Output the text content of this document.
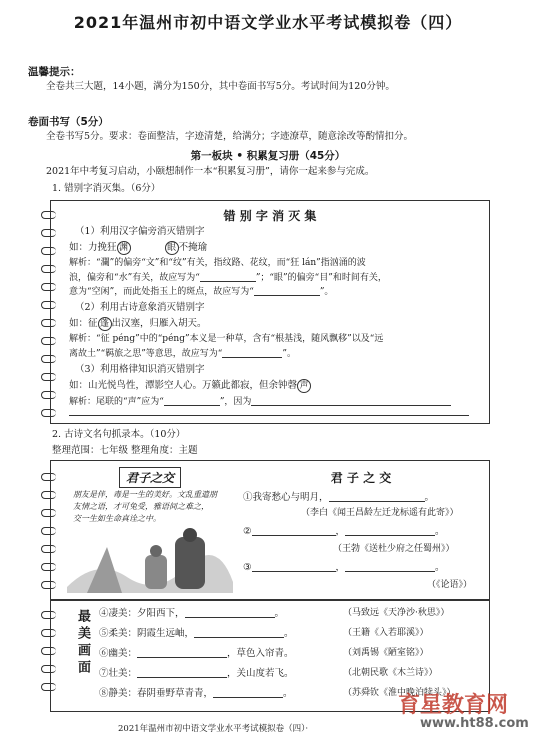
2021年温州市初中语文学业水平考试模拟卷（四）
温馨提示：
全卷共三大题，14小题，满分为150分，其中卷面书写5分。考试时间为120分钟。
卷面书写（5分）
全卷书写5分。要求：卷面整洁，字迹清楚，给满分；字迹潦草，随意涂改等酌情扣分。
第一板块 • 积累复习册（45分）
2021年中考复习启动，小颐想制作一本“积累复习册”，请你一起来参与完成。
1. 错别字消灭集。（6分）
错 别 字 消 灭 集
（1）利用汉字偏旁消灭错别字
如：力挽狂 渊	眼 不掩瑜
解析：“瀾”的偏旁“文”和“纹”有关，指纹路、花纹，而“狂 lán”指汹涌的波
浪，偏旁和“水”有关，故应写为“	”；“眼”的偏旁“目”和时间有关，
意为“空闲”，而此处指玉上的斑点，故应写为“	”。
（2）利用古诗意象消灭错别字
如：征 蓬 出汉塞，归雁入胡天。
解析：“征 péng”中的“péng”本义是一种草，含有“根基浅，随风飘移”以及“远
离故土”“羁旅之思”等意思，故应写为“	”。
（3）利用格律知识消灭错别字
如：山光悦鸟性，潭影空人心。万籁此都寂，但余钟磬 声
解析：尾联的“声”应为“	”，因为
2. 古诗文名句抓录本。（10分）
整理范围：七年级 整理角度：主题
君子之交
朋友是伴，毒是一生的美好。文乱重遣朋
友情之语，才可兔受，雅语间之难之，
交一生如生命真诠之中。
君 子 之 交
①我寄愁心与明月，	。
（李白《闻王昌龄左迁龙标遥有此寄》）
②	，	。
（王勃《送杜少府之任蜀州》）
③	，	。
（《论语》）
最美画面 ④凄美：夕阳西下，	。	（马致远《天净沙·秋思》）
⑤柔美：阴霞生远岫，	。	（王籍《入若耶溪》）
⑥幽美：	，草色入帘青。	（刘禹锡《陋室铭》）
⑦壮美：	，关山度若飞。	（北朝民歌《木兰诗》）
⑧静美：春阴垂野草青青，	。	（苏舜钦《淮中晚泊犊头》）
2021年温州市初中语文学业水平考试模拟卷（四）·
育星教育网
www.ht88.com
